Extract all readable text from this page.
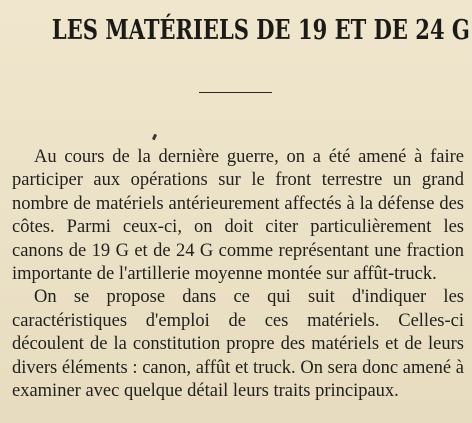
LES MATÉRIELS DE 19 ET DE 24 G

Au cours de la dernière guerre, on a été amené à faire participer aux opérations sur le front terrestre un grand nombre de matériels antérieurement affectés à la défense des côtes. Parmi ceux-ci, on doit citer particulièrement les canons de 19 G et de 24 G comme représentant une fraction importante de l'artillerie moyenne montée sur affût-truck.

On se propose dans ce qui suit d'indiquer les caractéristiques d'emploi de ces matériels. Celles-ci découlent de la constitution propre des matériels et de leurs divers éléments : canon, affût et truck. On sera donc amené à examiner avec quelque détail leurs traits principaux.
